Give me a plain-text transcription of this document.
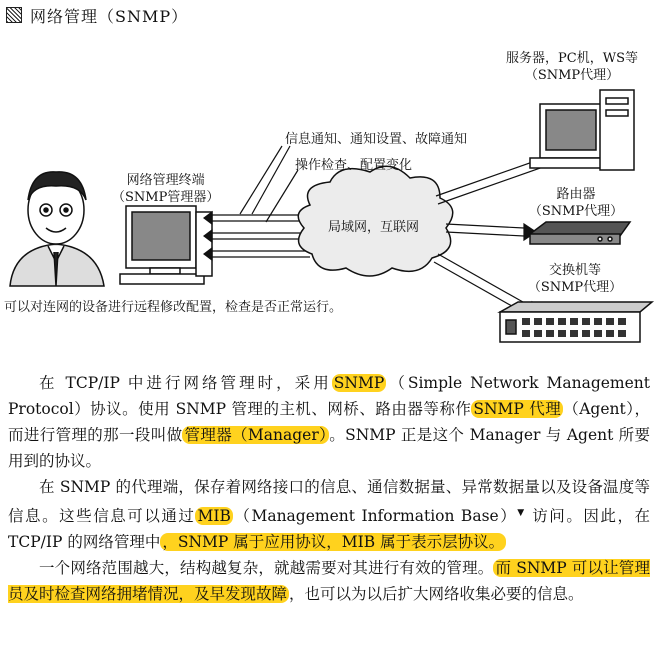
网络管理（SNMP）
网络管理终端
（SNMP管理器）
信息通知、通知设置、故障通知
操作检查、配置变化
局域网，互联网
服务器，PC机，WS等
（SNMP代理）
路由器
（SNMP代理）
交换机等
（SNMP代理）
可以对连网的设备进行远程修改配置，检查是否正常运行。

在 TCP/IP 中进行网络管理时，采用 SNMP （Simple Network Management Protocol）协议。使用 SNMP 管理的主机、网桥、路由器等称作 SNMP 代理 （Agent），而进行管理的那一段叫做 管理器（Manager） 。SNMP 正是这个 Manager 与 Agent 所要用到的协议。

在 SNMP 的代理端，保存着网络接口的信息、通信数据量、异常数据量以及设备温度等信息。这些信息可以通过 MIB （Management Information Base）▼ 访问。因此，在 TCP/IP 的网络管理中 ，SNMP 属于应用协议，MIB 属于表示层协议。

一个网络范围越大，结构越复杂，就越需要对其进行有效的管理。 而 SNMP 可以让管理员及时检查网络拥堵情况，及早发现故障 ，也可以为以后扩大网络收集必要的信息。
